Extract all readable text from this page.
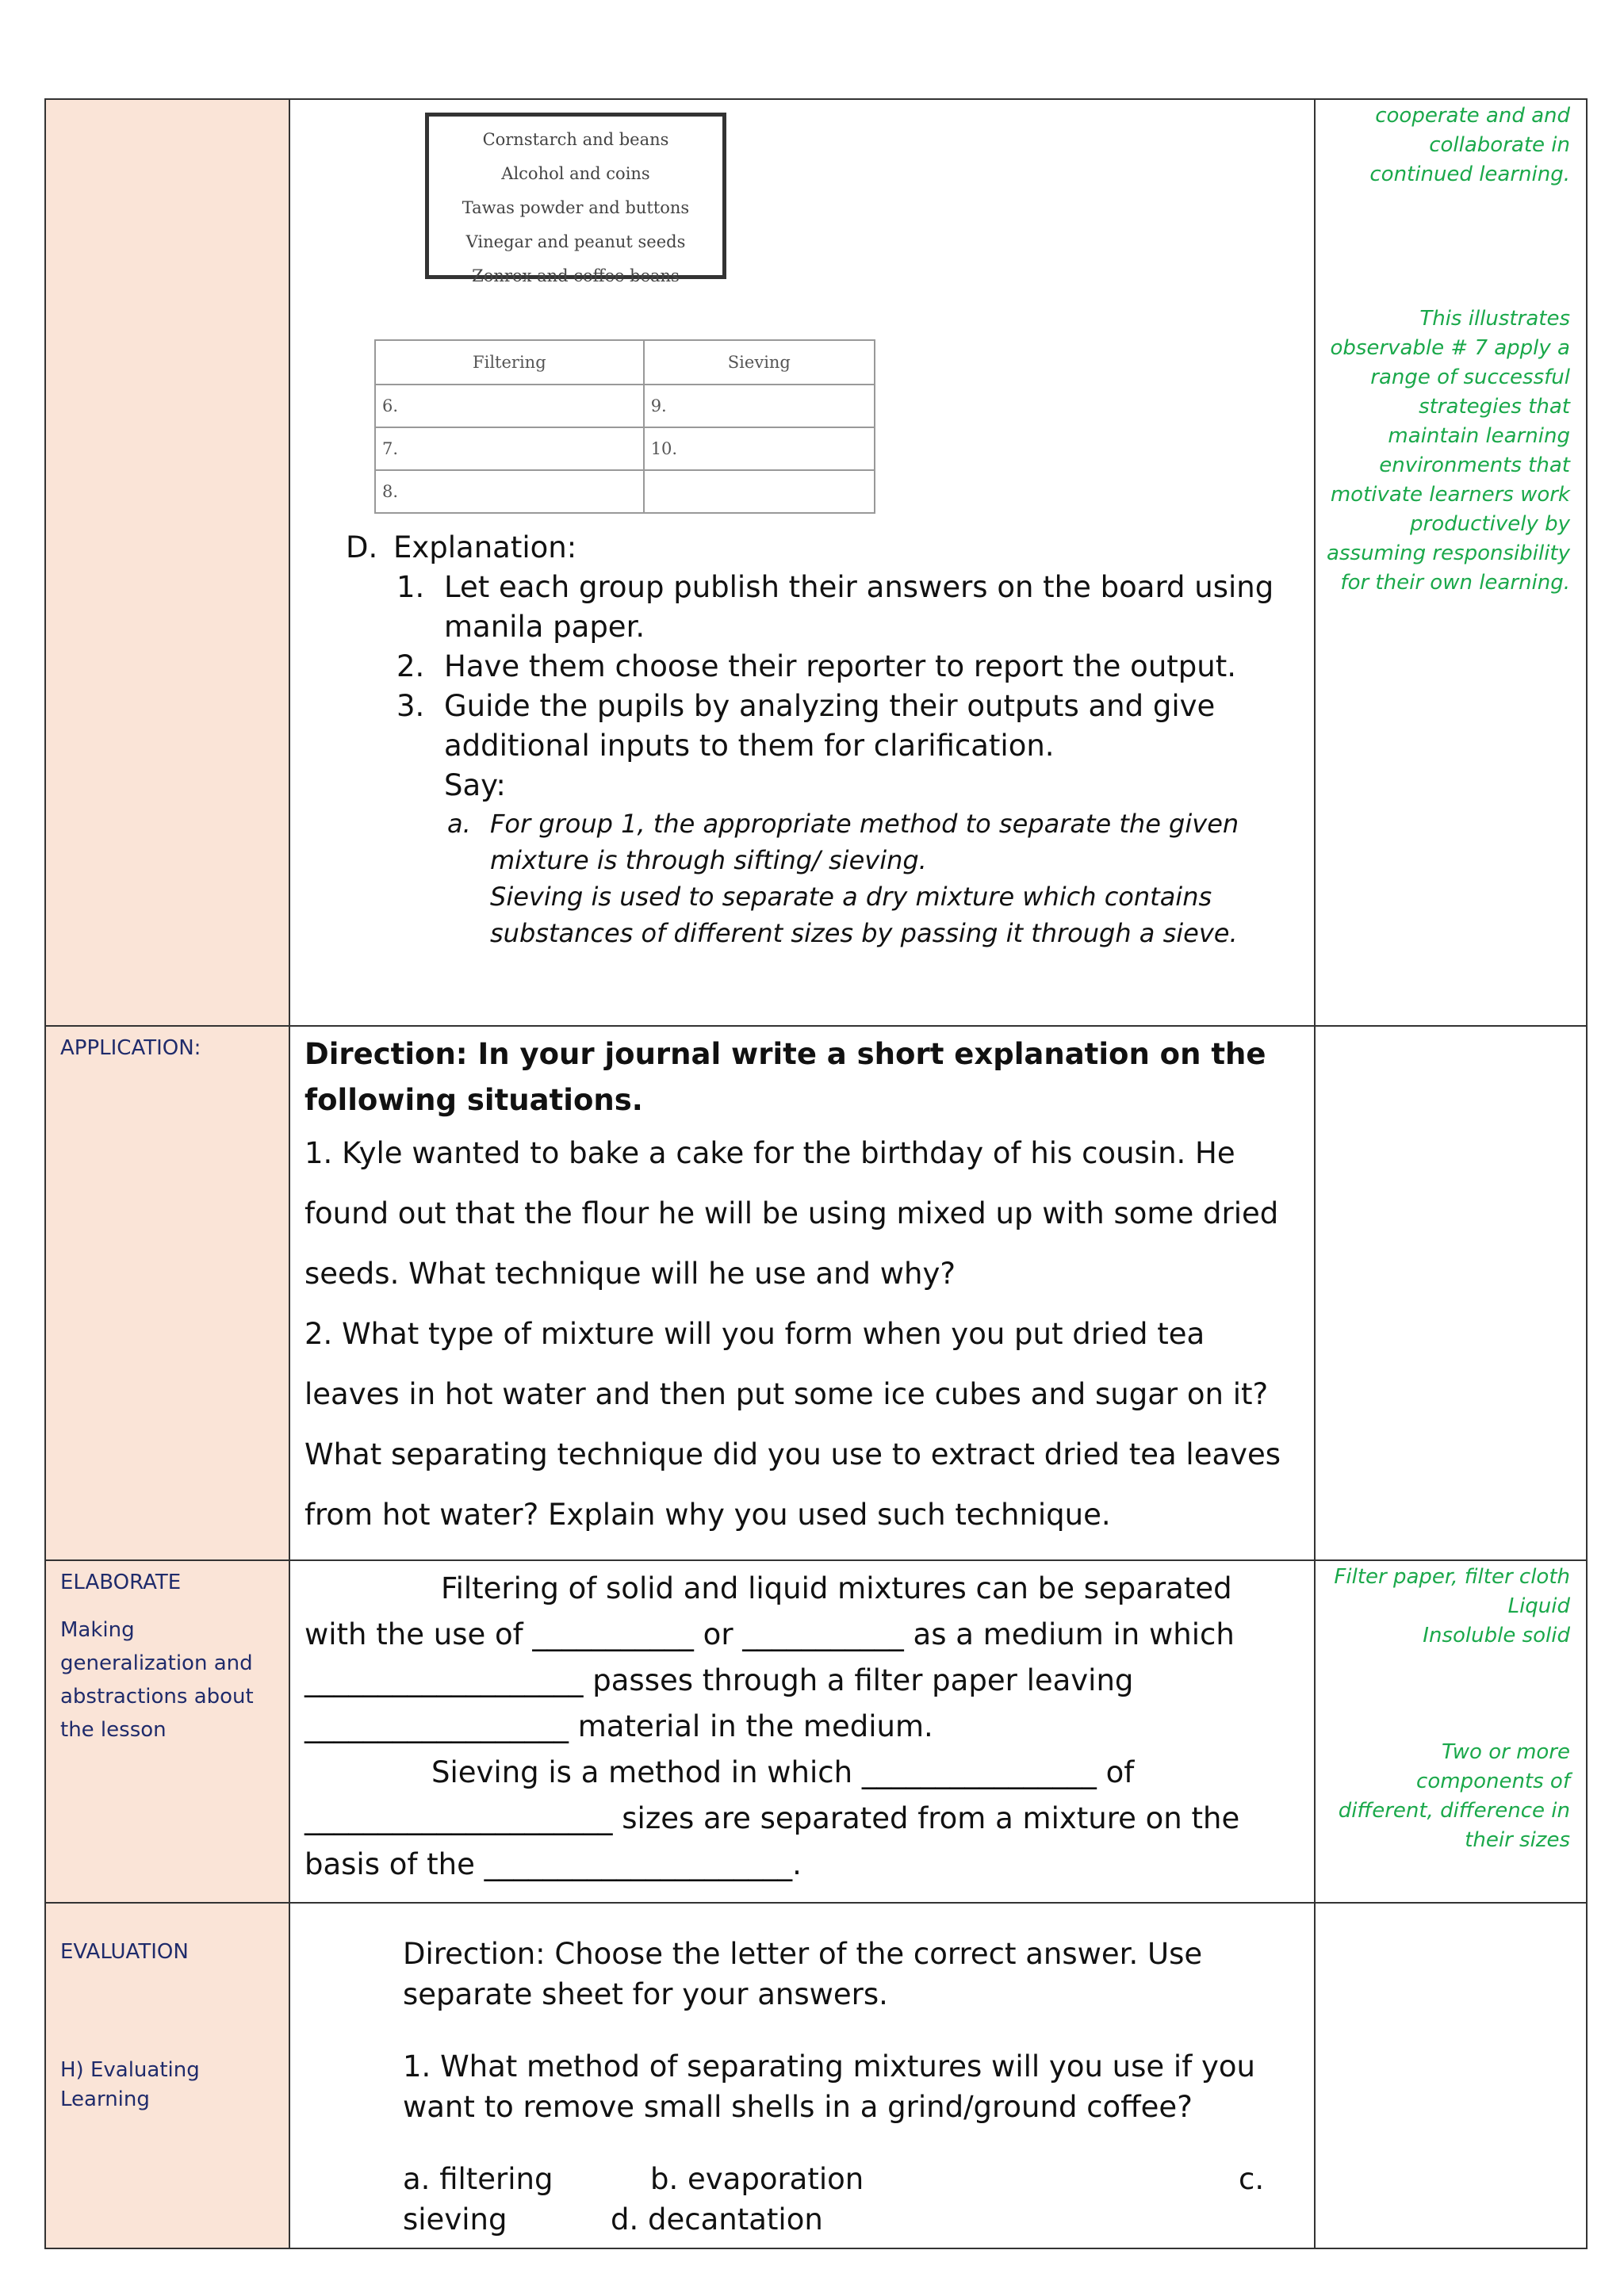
Cornstarch and beans
Alcohol and coins
Tawas powder and buttons
Vinegar and peanut seeds
Zonrox and coffee beans
Filtering	Sieving
6.	9.
7.	10.
8.	
D. Explanation:
1. Let each group publish their answers on the board using manila paper.
2. Have them choose their reporter to report the output.
3. Guide the pupils by analyzing their outputs and give additional inputs to them for clarification.
Say:
a. For group 1, the appropriate method to separate the given mixture is through sifting/ sieving.
Sieving is used to separate a dry mixture which contains substances of different sizes by passing it through a sieve.

cooperate and and collaborate in continued learning.
This illustrates observable # 7 apply a range of successful strategies that maintain learning environments that motivate learners work productively by assuming responsibility for their own learning.

APPLICATION:	Direction: In your journal write a short explanation on the following situations.
1. Kyle wanted to bake a cake for the birthday of his cousin. He found out that the flour he will be using mixed up with some dried seeds. What technique will he use and why?
2. What type of mixture will you form when you put dried tea leaves in hot water and then put some ice cubes and sugar on it? What separating technique did you use to extract dried tea leaves from hot water? Explain why you used such technique.

ELABORATE
Making generalization and abstractions about the lesson

Filtering of solid and liquid mixtures can be separated with the use of ___________ or ___________ as a medium in which ___________________ passes through a filter paper leaving __________________ material in the medium.
Sieving is a method in which ________________ of _____________________ sizes are separated from a mixture on the basis of the _____________________.

Filter paper, filter cloth
Liquid
Insoluble solid
Two or more components of different, difference in their sizes

EVALUATION
H) Evaluating Learning

Direction: Choose the letter of the correct answer. Use separate sheet for your answers.

1. What method of separating mixtures will you use if you want to remove small shells in a grind/ground coffee?

a. filtering	b. evaporation	c.
sieving	d. decantation
